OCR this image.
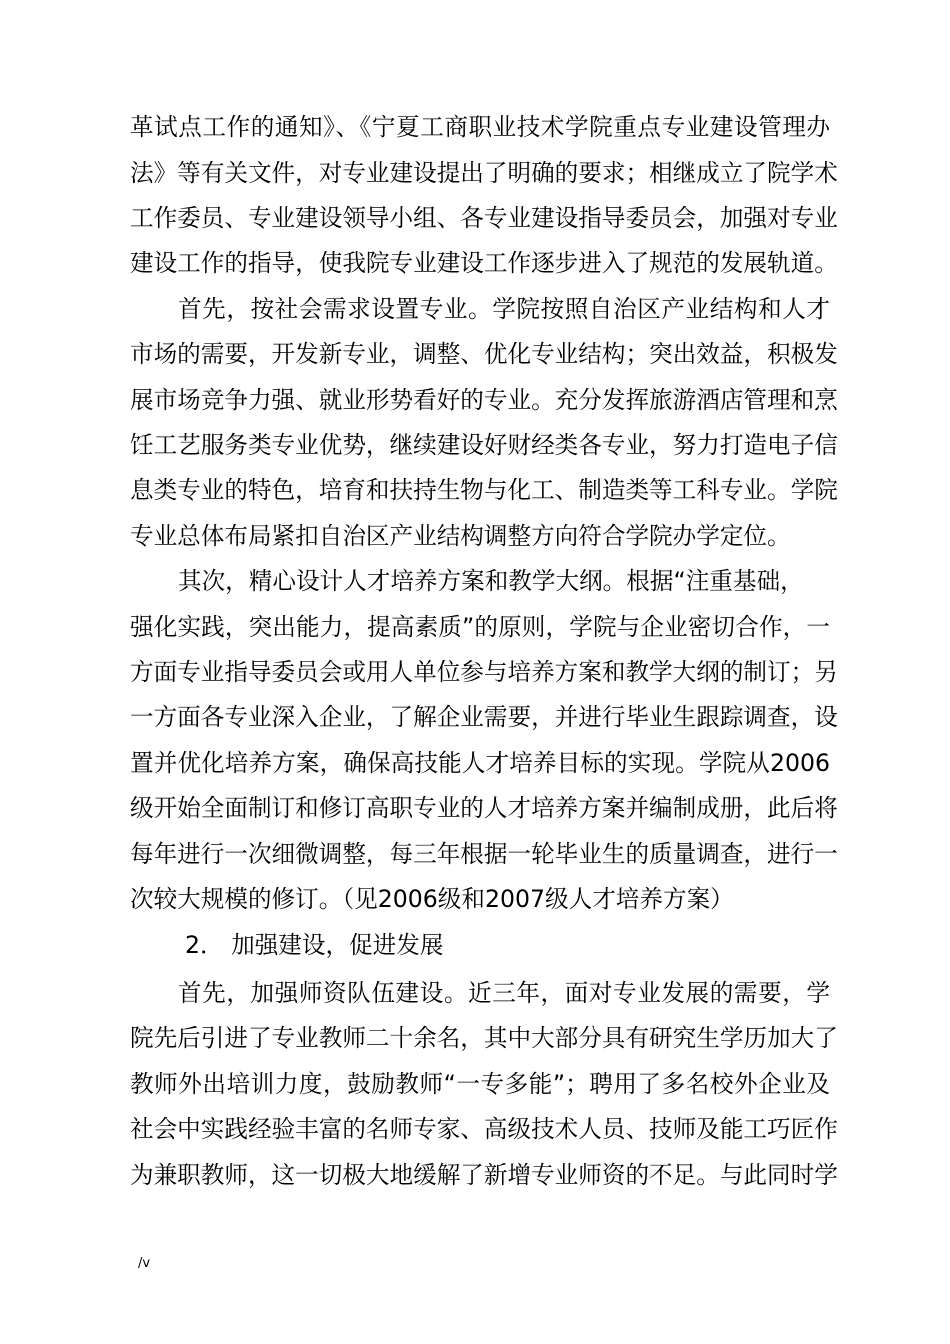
革试点工作的通知》、《宁夏工商职业技术学院重点专业建设管理办
法》等有关文件，对专业建设提出了明确的要求；相继成立了院学术
工作委员、专业建设领导小组、各专业建设指导委员会，加强对专业
建设工作的指导，使我院专业建设工作逐步进入了规范的发展轨道。
首先，按社会需求设置专业。学院按照自治区产业结构和人才
市场的需要，开发新专业，调整、优化专业结构；突出效益，积极发
展市场竞争力强、就业形势看好的专业。充分发挥旅游酒店管理和烹
饪工艺服务类专业优势，继续建设好财经类各专业，努力打造电子信
息类专业的特色，培育和扶持生物与化工、制造类等工科专业。学院
专业总体布局紧扣自治区产业结构调整方向符合学院办学定位。
其次，精心设计人才培养方案和教学大纲。根据“注重基础，
强化实践，突出能力，提高素质”的原则，学院与企业密切合作，一
方面专业指导委员会或用人单位参与培养方案和教学大纲的制订；另
一方面各专业深入企业，了解企业需要，并进行毕业生跟踪调查，设
置并优化培养方案，确保高技能人才培养目标的实现。学院从2006
级开始全面制订和修订高职专业的人才培养方案并编制成册，此后将
每年进行一次细微调整，每三年根据一轮毕业生的质量调查，进行一
次较大规模的修订。（见2006级和2007级人才培养方案）
2． 加强建设，促进发展
首先，加强师资队伍建设。近三年，面对专业发展的需要，学
院先后引进了专业教师二十余名，其中大部分具有研究生学历加大了
教师外出培训力度，鼓励教师“一专多能”；聘用了多名校外企业及
社会中实践经验丰富的名师专家、高级技术人员、技师及能工巧匠作
为兼职教师，这一切极大地缓解了新增专业师资的不足。与此同时学
/v
